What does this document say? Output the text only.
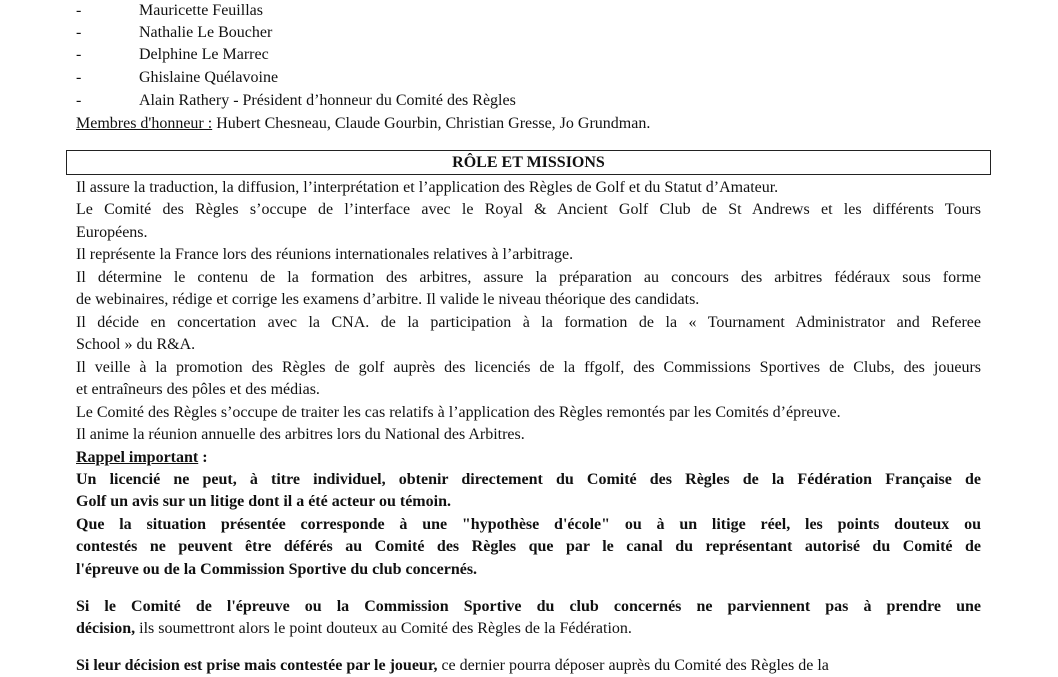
-	Mauricette Feuillas
-	Nathalie Le Boucher
-	Delphine Le Marrec
-	Ghislaine Quélavoine
-	Alain Rathery - Président d’honneur du Comité des Règles
Membres d'honneur : Hubert Chesneau, Claude Gourbin, Christian Gresse, Jo Grundman.
RÔLE ET MISSIONS
Il assure la traduction, la diffusion, l’interprétation et l’application des Règles de Golf et du Statut d’Amateur.
Le Comité des Règles s’occupe de l’interface avec le Royal & Ancient Golf Club de St Andrews et les différents Tours
Européens.
Il représente la France lors des réunions internationales relatives à l’arbitrage.
Il détermine le contenu de la formation des arbitres, assure la préparation au concours des arbitres fédéraux sous forme
de webinaires, rédige et corrige les examens d’arbitre. Il valide le niveau théorique des candidats.
Il décide en concertation avec la CNA. de la participation à la formation de la « Tournament Administrator and Referee
School » du R&A.
Il veille à la promotion des Règles de golf auprès des licenciés de la ffgolf, des Commissions Sportives de Clubs, des joueurs
et entraîneurs des pôles et des médias.
Le Comité des Règles s’occupe de traiter les cas relatifs à l’application des Règles remontés par les Comités d’épreuve.
Il anime la réunion annuelle des arbitres lors du National des Arbitres.
Rappel important :
Un licencié ne peut, à titre individuel, obtenir directement du Comité des Règles de la Fédération Française de
Golf un avis sur un litige dont il a été acteur ou témoin.
Que la situation présentée corresponde à une "hypothèse d'école" ou à un litige réel, les points douteux ou
contestés ne peuvent être déférés au Comité des Règles que par le canal du représentant autorisé du Comité de
l'épreuve ou de la Commission Sportive du club concernés.
Si le Comité de l'épreuve ou la Commission Sportive du club concernés ne parviennent pas à prendre une
décision, ils soumettront alors le point douteux au Comité des Règles de la Fédération.
Si leur décision est prise mais contestée par le joueur, ce dernier pourra déposer auprès du Comité des Règles de la
